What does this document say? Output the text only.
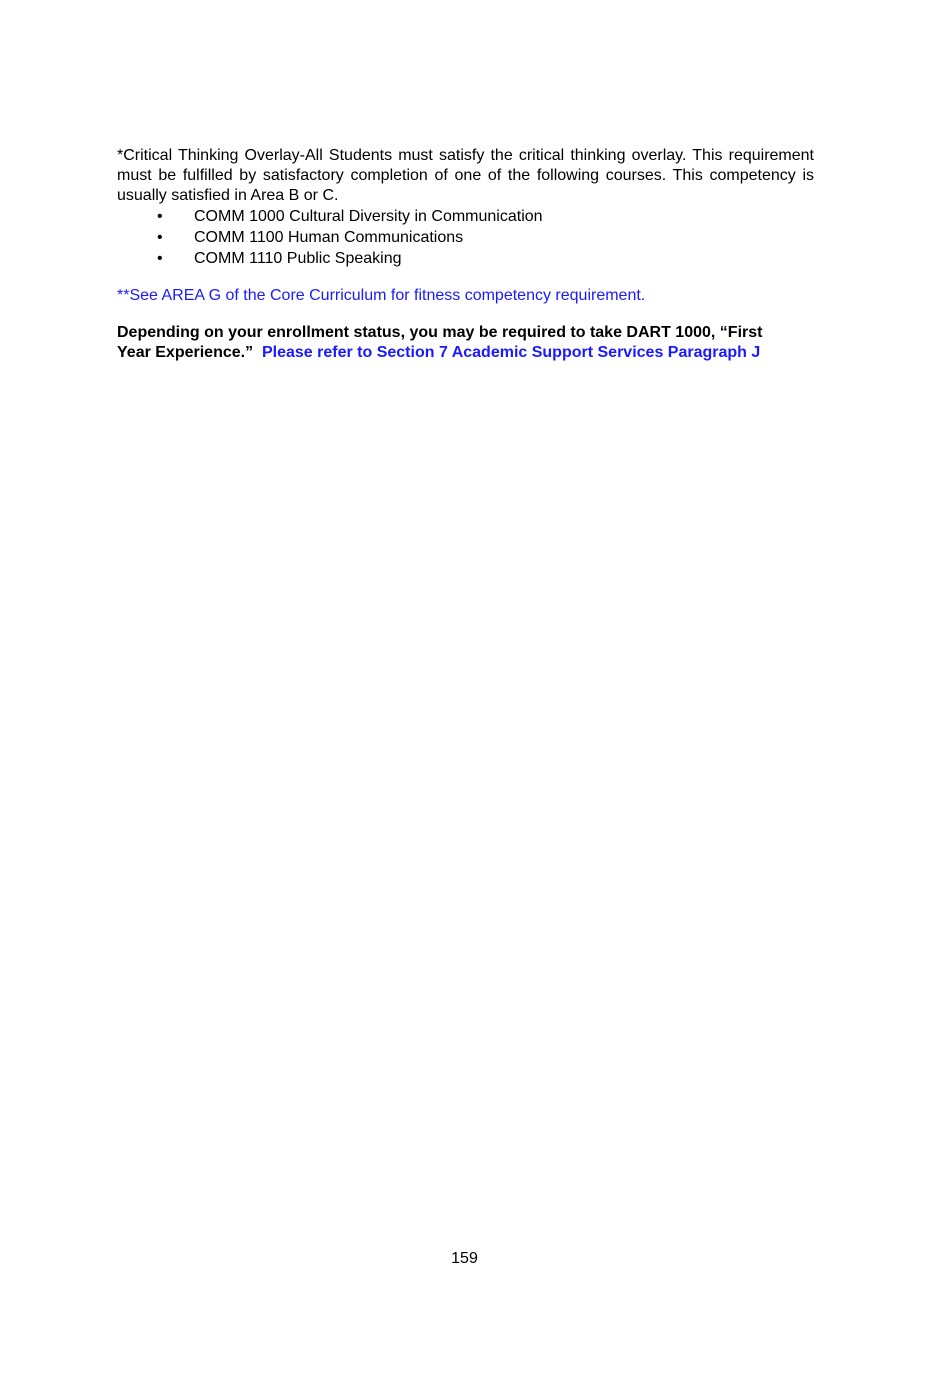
*Critical Thinking Overlay-All Students must satisfy the critical thinking overlay. This requirement must be fulfilled by satisfactory completion of one of the following courses. This competency is usually satisfied in Area B or C.

• COMM 1000 Cultural Diversity in Communication
• COMM 1100 Human Communications
• COMM 1110 Public Speaking

**See AREA G of the Core Curriculum for fitness competency requirement.

Depending on your enrollment status, you may be required to take DART 1000, “First
Year Experience.” Please refer to Section 7 Academic Support Services Paragraph J

159
